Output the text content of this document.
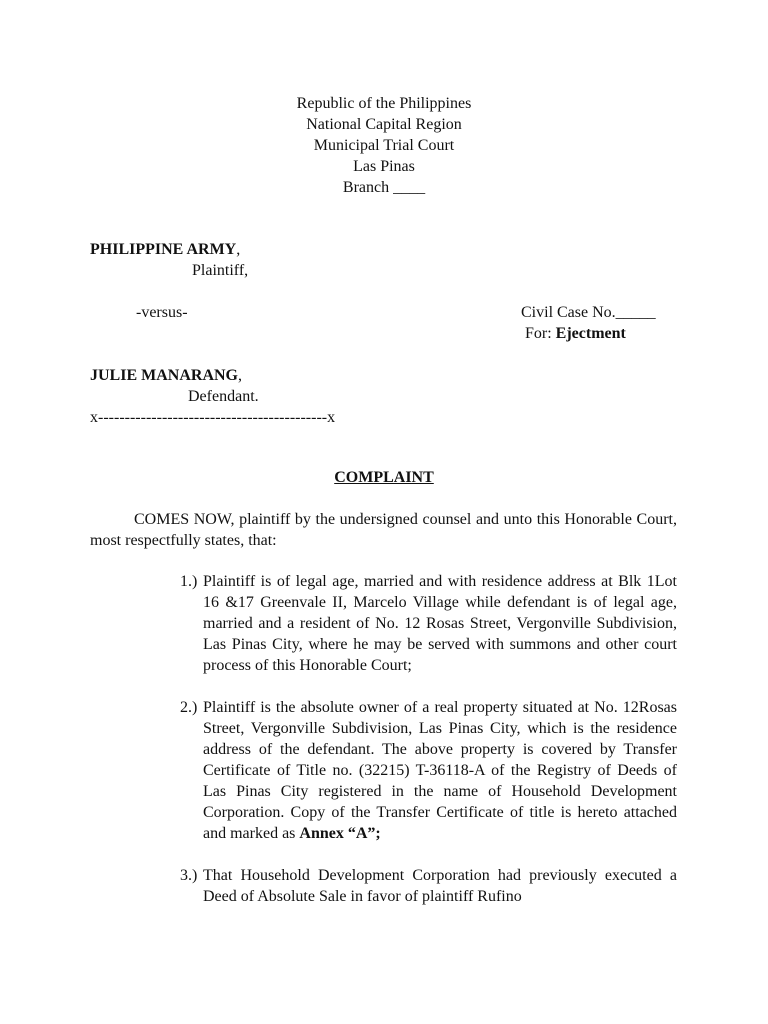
Republic of the Philippines
National Capital Region
Municipal Trial Court
Las Pinas
Branch ____
PHILIPPINE ARMY,
Plaintiff,
-versus-	Civil Case No._____
For: Ejectment
JULIE MANARANG,
Defendant.
x-------------------------------------------x
COMPLAINT
COMES NOW, plaintiff by the undersigned counsel and unto this Honorable Court, most respectfully states, that:
1.) Plaintiff is of legal age, married and with residence address at Blk 1Lot 16 &17 Greenvale II, Marcelo Village while defendant is of legal age, married and a resident of No. 12 Rosas Street, Vergonville Subdivision, Las Pinas City, where he may be served with summons and other court process of this Honorable Court;
2.) Plaintiff is the absolute owner of a real property situated at No. 12Rosas Street, Vergonville Subdivision, Las Pinas City, which is the residence address of the defendant. The above property is covered by Transfer Certificate of Title no. (32215) T-36118-A of the Registry of Deeds of Las Pinas City registered in the name of Household Development Corporation. Copy of the Transfer Certificate of title is hereto attached and marked as Annex “A”;
3.) That Household Development Corporation had previously executed a Deed of Absolute Sale in favor of plaintiff Rufino
